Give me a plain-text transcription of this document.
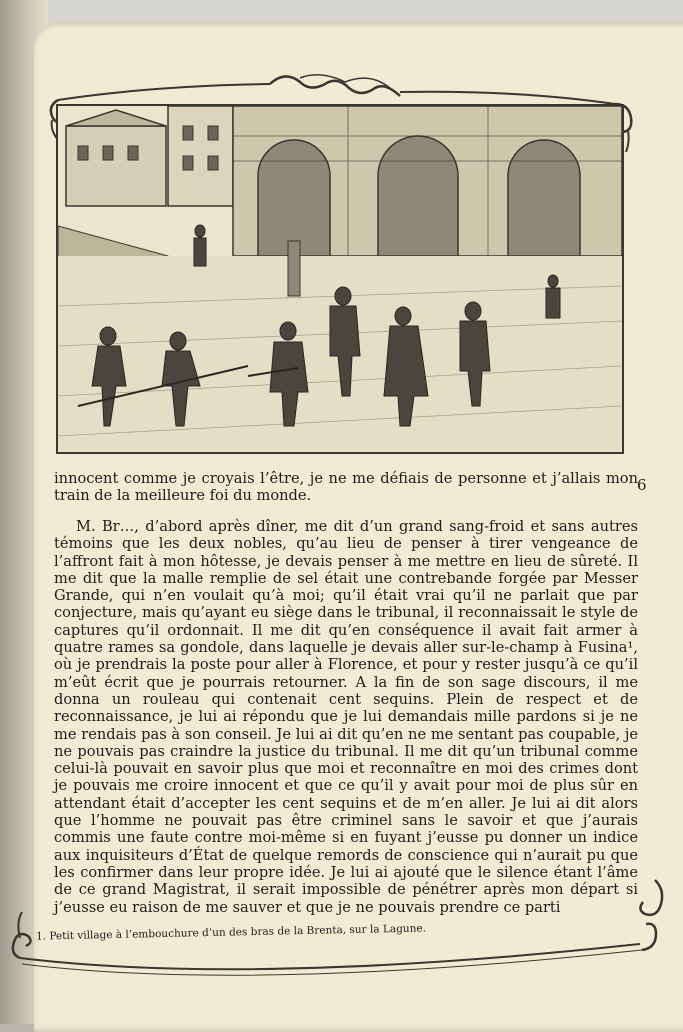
innocent comme je croyais l’être, je ne me défiais de personne et j’allais mon train de la meilleure foi du monde.

6

M. Br…, d’abord après dîner, me dit d’un grand sang-froid et sans autres témoins que les deux nobles, qu’au lieu de penser à tirer vengeance de l’affront fait à mon hôtesse, je devais penser à me mettre en lieu de sûreté. Il me dit que la malle remplie de sel était une contrebande forgée par Messer Grande, qui n’en voulait qu’à moi; qu’il était vrai qu’il ne parlait que par conjecture, mais qu’ayant eu siège dans le tribunal, il reconnaissait le style de captures qu’il ordonnait. Il me dit qu’en conséquence il avait fait armer à quatre rames sa gondole, dans laquelle je devais aller sur-le-champ à Fusina¹, où je prendrais la poste pour aller à Florence, et pour y rester jusqu’à ce qu’il m’eût écrit que je pourrais retourner. A la fin de son sage discours, il me donna un rouleau qui contenait cent sequins. Plein de respect et de reconnaissance, je lui ai répondu que je lui demandais mille pardons si je ne me rendais pas à son conseil. Je lui ai dit qu’en ne me sentant pas coupable, je ne pouvais pas craindre la justice du tribunal. Il me dit qu’un tribunal comme celui-là pouvait en savoir plus que moi et reconnaître en moi des crimes dont je pouvais me croire innocent et que ce qu’il y avait pour moi de plus sûr en attendant était d’accepter les cent sequins et de m’en aller. Je lui ai dit alors que l’homme ne pouvait pas être criminel sans le savoir et que j’aurais commis une faute contre moi-même si en fuyant j’eusse pu donner un indice aux inquisiteurs d’État de quelque remords de conscience qui n’aurait pu que les confirmer dans leur propre idée. Je lui ai ajouté que le silence étant l’âme de ce grand Magistrat, il serait impossible de pénétrer après mon départ si j’eusse eu raison de me sauver et que je ne pouvais prendre ce parti

1. Petit village à l’embouchure d’un des bras de la Brenta, sur la Lagune.
